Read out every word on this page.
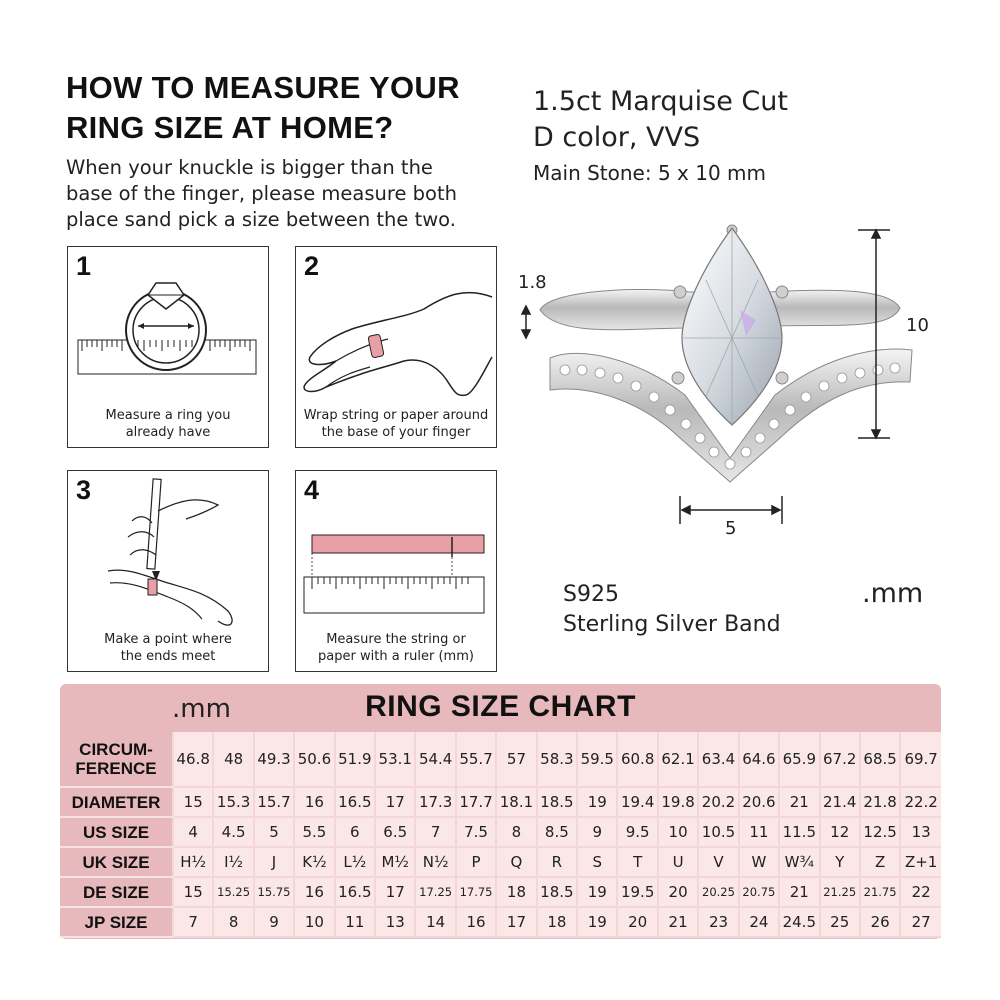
HOW TO MEASURE YOUR
RING SIZE AT HOME?
When your knuckle is bigger than the
base of the finger, please measure both
place sand pick a size between the two.
1
Measure a ring you
already have
2
Wrap string or paper around
the base of your finger
3
Make a point where
the ends meet
4
Measure the string or
paper with a ruler (mm)
1.5ct Marquise Cut
D color, VVS
Main Stone: 5 x 10 mm
1.8
10
5
S925
Sterling Silver Band
.mm
.mm	RING SIZE CHART
CIRCUM-
FERENCE	46.8	48	49.3	50.6	51.9	53.1	54.4	55.7	57	58.3	59.5	60.8	62.1	63.4	64.6	65.9	67.2	68.5	69.7
DIAMETER	15	15.3	15.7	16	16.5	17	17.3	17.7	18.1	18.5	19	19.4	19.8	20.2	20.6	21	21.4	21.8	22.2
US SIZE	4	4.5	5	5.5	6	6.5	7	7.5	8	8.5	9	9.5	10	10.5	11	11.5	12	12.5	13
UK SIZE	H½	I½	J	K½	L½	M½	N½	P	Q	R	S	T	U	V	W	W¾	Y	Z	Z+1
DE SIZE	15	15.25	15.75	16	16.5	17	17.25	17.75	18	18.5	19	19.5	20	20.25	20.75	21	21.25	21.75	22
JP SIZE	7	8	9	10	11	13	14	16	17	18	19	20	21	23	24	24.5	25	26	27
